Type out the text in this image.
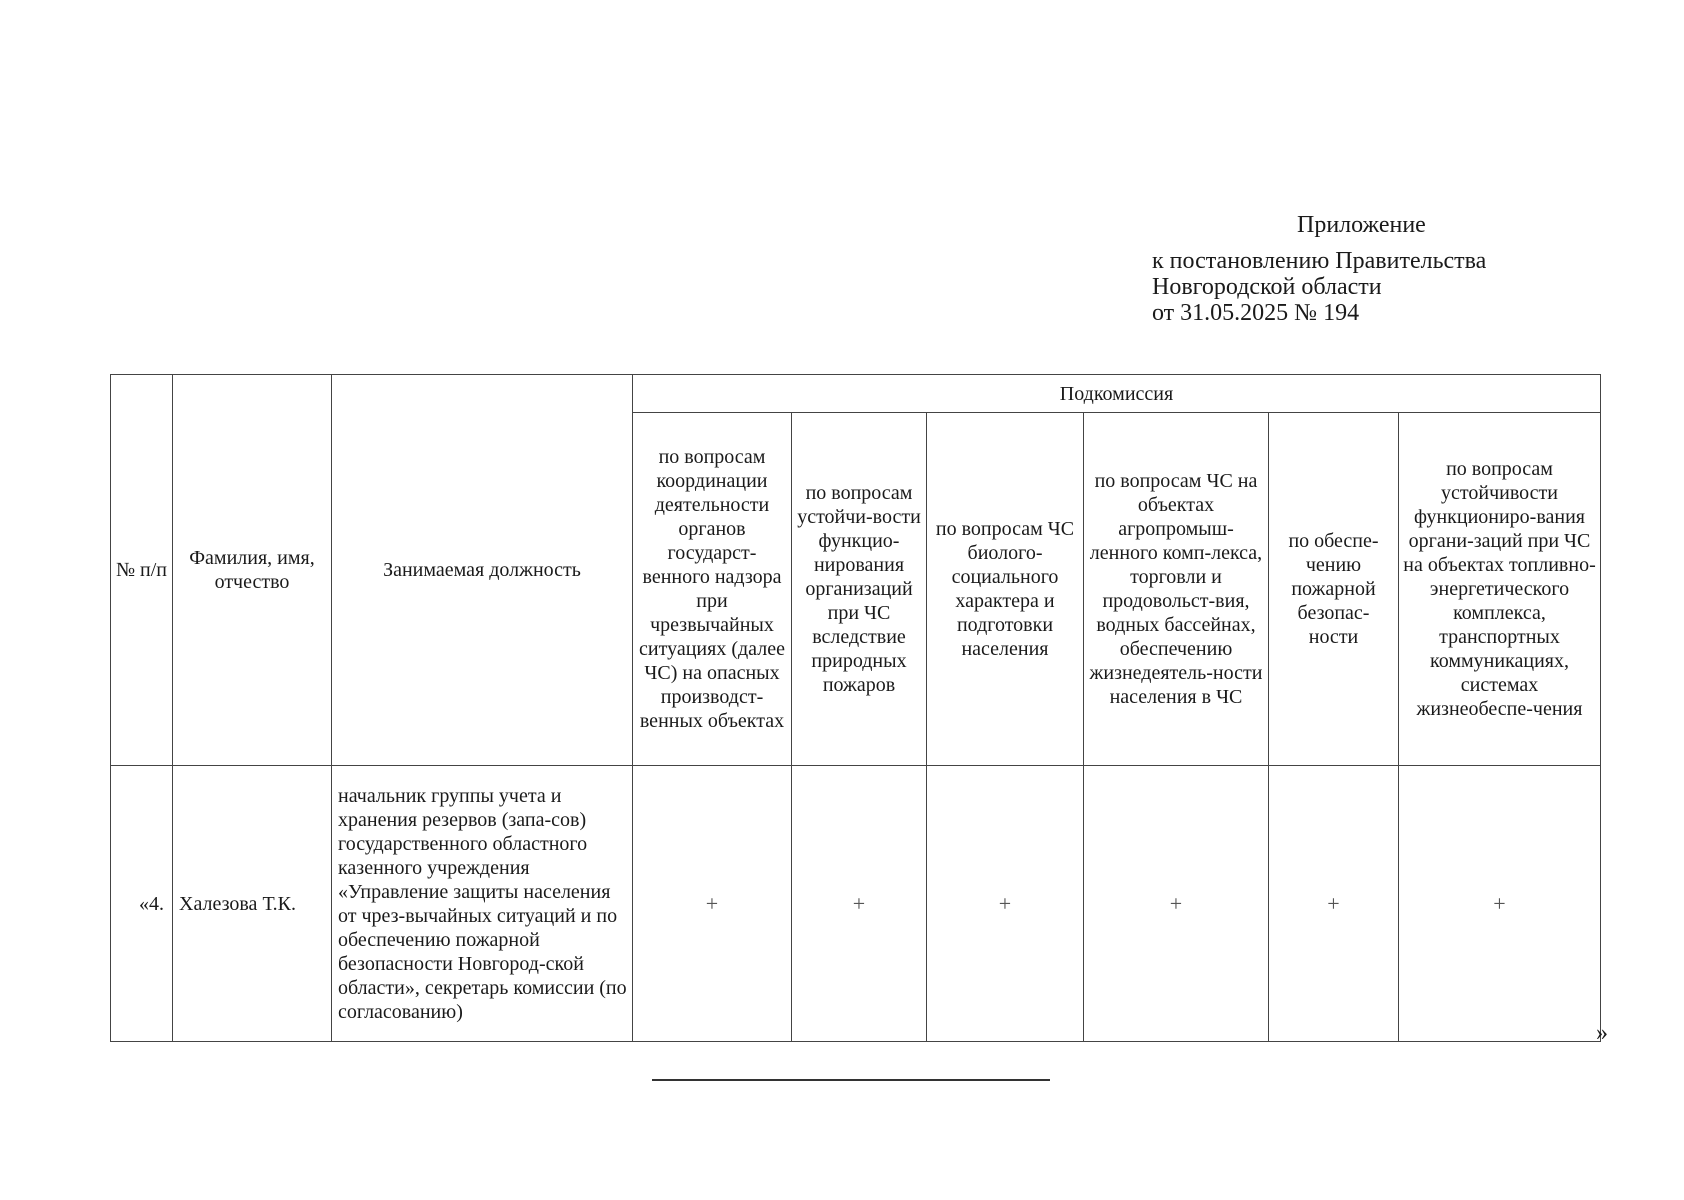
Приложение
к постановлению Правительства
Новгородской области
от 31.05.2025 № 194
№ п/п	Фамилия, имя, отчество	Занимаемая должность	Подкомиссия					
			по вопросам координации деятельности органов государст-венного надзора при чрезвычайных ситуациях (далее ЧС) на опасных производст-венных объектах	по вопросам устойчи-вости функцио-нирования организаций при ЧС вследствие природных пожаров	по вопросам ЧС биолого-социального характера и подготовки населения	по вопросам ЧС на объектах агропромыш-ленного комп-лекса, торговли и продовольст-вия, водных бассейнах, обеспечению жизнедеятель-ности населения в ЧС	по обеспе-чению пожарной безопас-ности	по вопросам устойчивости функциониро-вания органи-заций при ЧС на объектах топливно-энергетического комплекса, транспортных коммуникациях, системах жизнеобеспе-чения
«4.	Халезова Т.К.	начальник группы учета и хранения резервов (запа-сов) государственного областного казенного учреждения «Управление защиты населения от чрез-вычайных ситуаций и по обеспечению пожарной безопасности Новгород-ской области», секретарь комиссии (по согласованию)	+	+	+	+	+	+
»
